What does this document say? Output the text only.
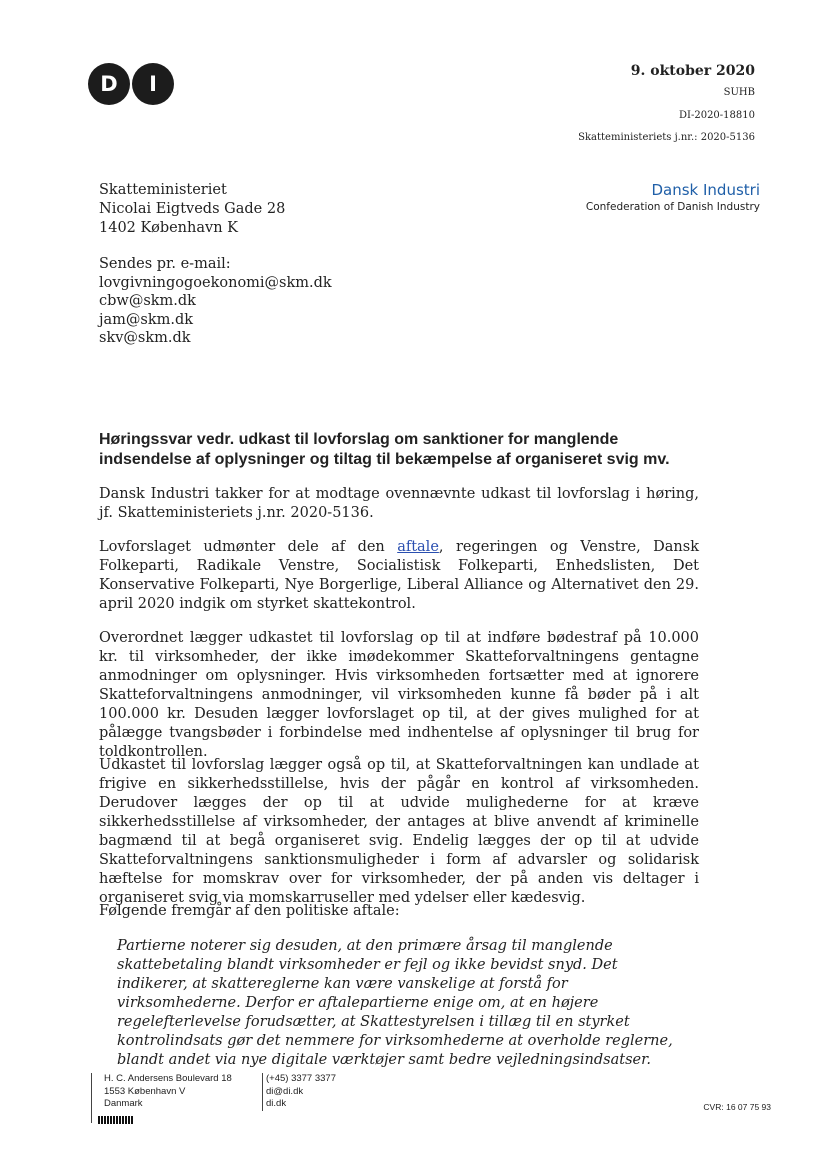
D	I
9. oktober 2020
SUHB
DI-2020-18810
Skatteministeriets j.nr.: 2020-5136
Dansk Industri
Confederation of Danish Industry
Skatteministeriet
Nicolai Eigtveds Gade 28
1402 København K
Sendes pr. e-mail:
lovgivningogoekonomi@skm.dk
cbw@skm.dk
jam@skm.dk
skv@skm.dk
Høringssvar vedr. udkast til lovforslag om sanktioner for manglende indsendelse af oplysninger og tiltag til bekæmpelse af organiseret svig mv.
Dansk Industri takker for at modtage ovennævnte udkast til lovforslag i høring, jf. Skatteministeriets j.nr. 2020-5136.
Lovforslaget udmønter dele af den aftale, regeringen og Venstre, Dansk Folkeparti, Radikale Venstre, Socialistisk Folkeparti, Enhedslisten, Det Konservative Folkeparti, Nye Borgerlige, Liberal Alliance og Alternativet den 29. april 2020 indgik om styrket skattekontrol.
Overordnet lægger udkastet til lovforslag op til at indføre bødestraf på 10.000 kr. til virksomheder, der ikke imødekommer Skatteforvaltningens gentagne anmodninger om oplysninger. Hvis virksomheden fortsætter med at ignorere Skatteforvaltningens anmodninger, vil virksomheden kunne få bøder på i alt 100.000 kr. Desuden lægger lovforslaget op til, at der gives mulighed for at pålægge tvangsbøder i forbindelse med indhentelse af oplysninger til brug for toldkontrollen.
Udkastet til lovforslag lægger også op til, at Skatteforvaltningen kan undlade at frigive en sikkerhedsstillelse, hvis der pågår en kontrol af virksomheden. Derudover lægges der op til at udvide mulighederne for at kræve sikkerhedsstillelse af virksomheder, der antages at blive anvendt af kriminelle bagmænd til at begå organiseret svig. Endelig lægges der op til at udvide Skatteforvaltningens sanktionsmuligheder i form af advarsler og solidarisk hæftelse for momskrav over for virksomheder, der på anden vis deltager i organiseret svig via momskarruseller med ydelser eller kædesvig.
Følgende fremgår af den politiske aftale:
Partierne noterer sig desuden, at den primære årsag til manglende skattebetaling blandt virksomheder er fejl og ikke bevidst snyd. Det indikerer, at skattereglerne kan være vanskelige at forstå for virksomhederne. Derfor er aftalepartierne enige om, at en højere regelefterlevelse forudsætter, at Skattestyrelsen i tillæg til en styrket kontrolindsats gør det nemmere for virksomhederne at overholde reglerne, blandt andet via nye digitale værktøjer samt bedre vejledningsindsatser.
H. C. Andersens Boulevard 18
1553 København V
Danmark
(+45) 3377 3377
di@di.dk
di.dk	CVR: 16 07 75 93
